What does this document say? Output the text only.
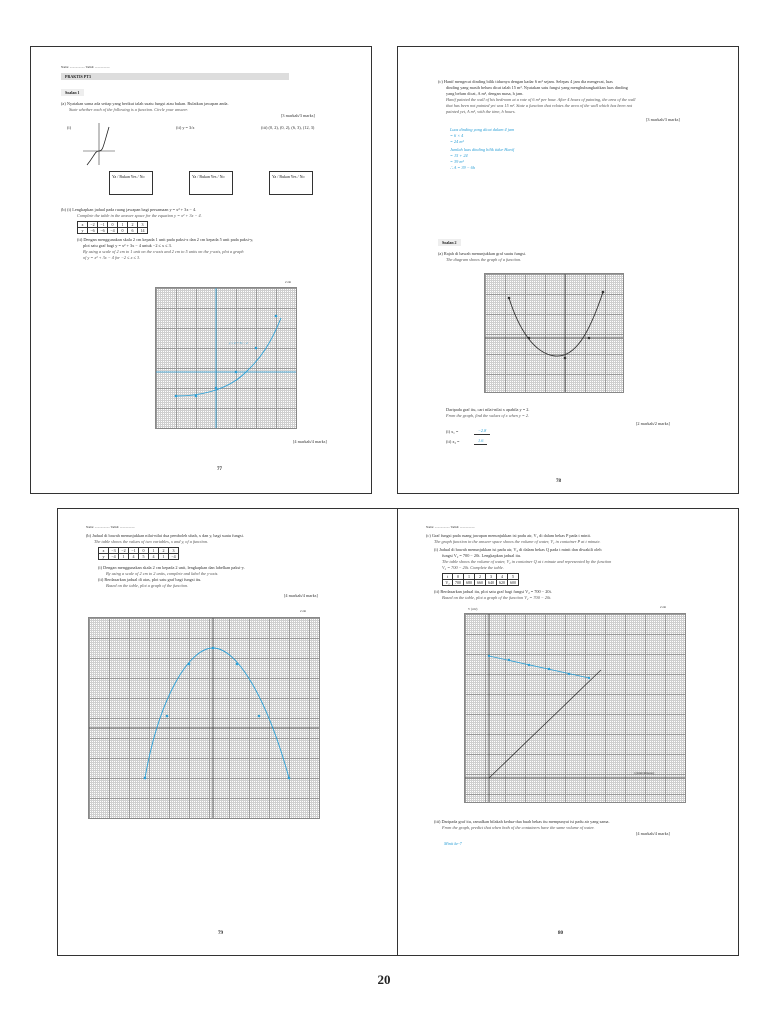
Nama: .................... Tarikh: ....................
PRAKTIS PT3
Soalan 1
(a) Nyatakan sama ada setiap yang berikut ialah suatu fungsi atau bukan. Bulatkan jawapan anda.
State whether each of the following is a function. Circle your answer.
[3 markah/3 marks]
(i)	(ii) y = 3/x	(iii) (0, 2), (0, 2), (6, 3), (12, 3)
Ya / Bukan Yes / No	Ya / Bukan Yes / No	Ya / Bukan Yes / No
(b) (i) Lengkapkan jadual pada ruang jawapan bagi persamaan y = x² + 3x − 4.
Complete the table in the answer space for the equation y = x² + 3x − 4.
x	−2	−1	0	1	2	3
y	−6	−6	−4	0	6	14
(ii) Dengan menggunakan skala 2 cm kepada 1 unit pada paksi-x dan 2 cm kepada 5 unit pada paksi-y,
plot satu graf bagi y = x² + 3x − 4 untuk −2 ≤ x ≤ 3.
By using a scale of 2 cm to 1 unit on the x-axis and 2 cm to 5 units on the y-axis, plot a graph
of y = x² + 3x − 4 for −2 ≤ x ≤ 3.
2 cm
y = x² + 3x − 4
[4 markah/4 marks]
77
(c) Hanif mengecat dinding bilik tidurnya dengan kadar 6 m² sejam. Selepas 4 jam dia mengecat, luas
dinding yang masih belum dicat ialah 15 m². Nyatakan satu fungsi yang menghubungkaitkan luas dinding
yang belum dicat, A m², dengan masa, h jam.
Hanif painted the wall of his bedroom at a rate of 6 m² per hour. After 4 hours of painting, the area of the wall
that has been not painted yet was 15 m². State a function that relates the area of the wall which has been not
painted yet, A m², with the time, h hours.
[3 markah/3 marks]
Luas dinding yang dicat dalam 4 jam
= 6 × 4
= 24 m²
Jumlah luas dinding bilik tidur Hanif
= 15 + 24
= 39 m²
∴ A = 39 − 6h
Soalan 2
(a) Rajah di bawah menunjukkan graf suatu fungsi.
The diagram shows the graph of a function.
Daripada graf itu, cari nilai-nilai x apabila y = 2.
From the graph, find the values of x when y = 2.
[2 markah/2 marks]
(i) x₁ =	−2.8
(ii) x₂ =	1.6
78
Nama: .................... Tarikh: ....................
(b) Jadual di bawah menunjukkan nilai-nilai dua pemboleh ubah, x dan y, bagi suatu fungsi.
The table shows the values of two variables, x and y, of a function.
x	−3	−2	−1	0	1	2	3
y	−4	1	4	5	4	1	−4
(i) Dengan menggunakan skala 2 cm kepada 2 unit, lengkapkan dan labelkan paksi-y.
By using a scale of 2 cm to 2 units, complete and label the y-axis.
(ii) Berdasarkan jadual di atas, plot satu graf bagi fungsi itu.
Based on the table, plot a graph of the function.
[4 markah/4 marks]
2 cm
79
Nama: .................... Tarikh: ....................
(c) Graf fungsi pada ruang jawapan menunjukkan isi padu air, V₁ di dalam bekas P pada t minit.
The graph function in the answer space shows the volume of water, V₁ in container P at t minute.
(i) Jadual di bawah menunjukkan isi padu air, V₂ di dalam bekas Q pada t minit dan diwakili oleh
fungsi V₂ = 700 − 20t. Lengkapkan jadual itu.
The table shows the volume of water, V₂ in container Q at t minute and represented by the function
V₂ = 700 − 20t. Complete the table.
t	0	1	2	3	4	5
V₂	700	680	660	640	620	600
(ii) Berdasarkan jadual itu, plot satu graf bagi fungsi V₂ = 700 − 20t.
Based on the table, plot a graph of the function V₂ = 700 − 20t.
2 cm
V (cm³)
t (minit/minutes)
(iii) Daripada graf itu, ramalkan bilakah kedua-dua buah bekas itu mempunyai isi padu air yang sama.
From the graph, predict that when both of the containers have the same volume of water.
[4 markah/4 marks]
Minit ke-7
80
20
